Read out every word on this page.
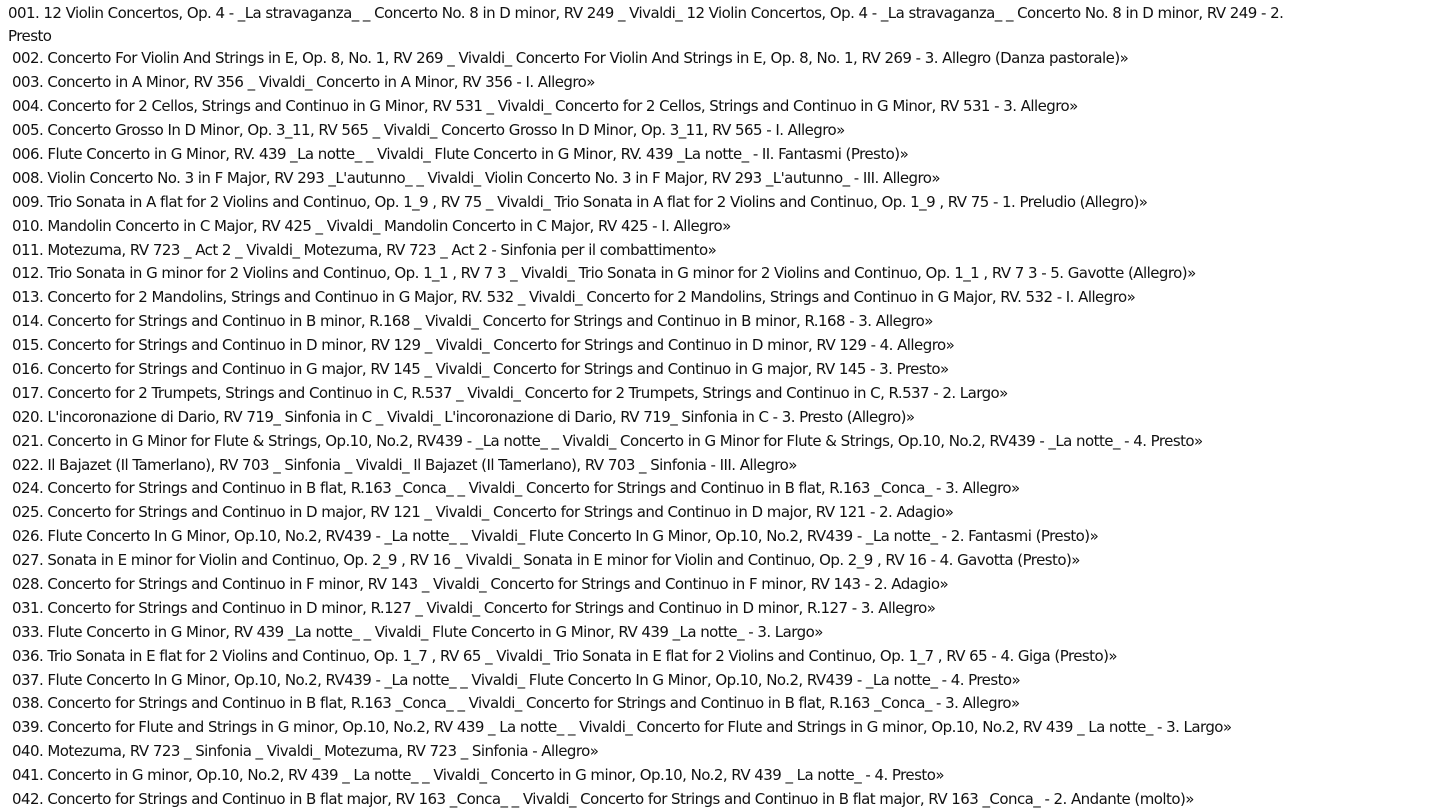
001. 12 Violin Concertos, Op. 4 - _La stravaganza_ _ Concerto No. 8 in D minor, RV 249 _ Vivaldi_ 12 Violin Concertos, Op. 4 - _La stravaganza_ _ Concerto No. 8 in D minor, RV 249 - 2.
Presto
002. Concerto For Violin And Strings in E, Op. 8, No. 1, RV 269 _ Vivaldi_ Concerto For Violin And Strings in E, Op. 8, No. 1, RV 269 - 3. Allegro (Danza pastorale)»
003. Concerto in A Minor, RV 356 _ Vivaldi_ Concerto in A Minor, RV 356 - I. Allegro»
004. Concerto for 2 Cellos, Strings and Continuo in G Minor, RV 531 _ Vivaldi_ Concerto for 2 Cellos, Strings and Continuo in G Minor, RV 531 - 3. Allegro»
005. Concerto Grosso In D Minor, Op. 3_11, RV 565 _ Vivaldi_ Concerto Grosso In D Minor, Op. 3_11, RV 565 - I. Allegro»
006. Flute Concerto in G Minor, RV. 439 _La notte_ _ Vivaldi_ Flute Concerto in G Minor, RV. 439 _La notte_ - II. Fantasmi (Presto)»
008. Violin Concerto No. 3 in F Major, RV 293 _L'autunno_ _ Vivaldi_ Violin Concerto No. 3 in F Major, RV 293 _L'autunno_ - III. Allegro»
009. Trio Sonata in A flat for 2 Violins and Continuo, Op. 1_9 , RV 75 _ Vivaldi_ Trio Sonata in A flat for 2 Violins and Continuo, Op. 1_9 , RV 75 - 1. Preludio (Allegro)»
010. Mandolin Concerto in C Major, RV 425 _ Vivaldi_ Mandolin Concerto in C Major, RV 425 - I. Allegro»
011. Motezuma, RV 723 _ Act 2 _ Vivaldi_ Motezuma, RV 723 _ Act 2 - Sinfonia per il combattimento»
012. Trio Sonata in G minor for 2 Violins and Continuo, Op. 1_1 , RV 7 3 _ Vivaldi_ Trio Sonata in G minor for 2 Violins and Continuo, Op. 1_1 , RV 7 3 - 5. Gavotte (Allegro)»
013. Concerto for 2 Mandolins, Strings and Continuo in G Major, RV. 532 _ Vivaldi_ Concerto for 2 Mandolins, Strings and Continuo in G Major, RV. 532 - I. Allegro»
014. Concerto for Strings and Continuo in B minor, R.168 _ Vivaldi_ Concerto for Strings and Continuo in B minor, R.168 - 3. Allegro»
015. Concerto for Strings and Continuo in D minor, RV 129 _ Vivaldi_ Concerto for Strings and Continuo in D minor, RV 129 - 4. Allegro»
016. Concerto for Strings and Continuo in G major, RV 145 _ Vivaldi_ Concerto for Strings and Continuo in G major, RV 145 - 3. Presto»
017. Concerto for 2 Trumpets, Strings and Continuo in C, R.537 _ Vivaldi_ Concerto for 2 Trumpets, Strings and Continuo in C, R.537 - 2. Largo»
020. L'incoronazione di Dario, RV 719_ Sinfonia in C _ Vivaldi_ L'incoronazione di Dario, RV 719_ Sinfonia in C - 3. Presto (Allegro)»
021. Concerto in G Minor for Flute & Strings, Op.10, No.2, RV439 - _La notte_ _ Vivaldi_ Concerto in G Minor for Flute & Strings, Op.10, No.2, RV439 - _La notte_ - 4. Presto»
022. Il Bajazet (Il Tamerlano), RV 703 _ Sinfonia _ Vivaldi_ Il Bajazet (Il Tamerlano), RV 703 _ Sinfonia - III. Allegro»
024. Concerto for Strings and Continuo in B flat, R.163 _Conca_ _ Vivaldi_ Concerto for Strings and Continuo in B flat, R.163 _Conca_ - 3. Allegro»
025. Concerto for Strings and Continuo in D major, RV 121 _ Vivaldi_ Concerto for Strings and Continuo in D major, RV 121 - 2. Adagio»
026. Flute Concerto In G Minor, Op.10, No.2, RV439 - _La notte_ _ Vivaldi_ Flute Concerto In G Minor, Op.10, No.2, RV439 - _La notte_ - 2. Fantasmi (Presto)»
027. Sonata in E minor for Violin and Continuo, Op. 2_9 , RV 16 _ Vivaldi_ Sonata in E minor for Violin and Continuo, Op. 2_9 , RV 16 - 4. Gavotta (Presto)»
028. Concerto for Strings and Continuo in F minor, RV 143 _ Vivaldi_ Concerto for Strings and Continuo in F minor, RV 143 - 2. Adagio»
031. Concerto for Strings and Continuo in D minor, R.127 _ Vivaldi_ Concerto for Strings and Continuo in D minor, R.127 - 3. Allegro»
033. Flute Concerto in G Minor, RV 439 _La notte_ _ Vivaldi_ Flute Concerto in G Minor, RV 439 _La notte_ - 3. Largo»
036. Trio Sonata in E flat for 2 Violins and Continuo, Op. 1_7 , RV 65 _ Vivaldi_ Trio Sonata in E flat for 2 Violins and Continuo, Op. 1_7 , RV 65 - 4. Giga (Presto)»
037. Flute Concerto In G Minor, Op.10, No.2, RV439 - _La notte_ _ Vivaldi_ Flute Concerto In G Minor, Op.10, No.2, RV439 - _La notte_ - 4. Presto»
038. Concerto for Strings and Continuo in B flat, R.163 _Conca_ _ Vivaldi_ Concerto for Strings and Continuo in B flat, R.163 _Conca_ - 3. Allegro»
039. Concerto for Flute and Strings in G minor, Op.10, No.2, RV 439 _ La notte_ _ Vivaldi_ Concerto for Flute and Strings in G minor, Op.10, No.2, RV 439 _ La notte_ - 3. Largo»
040. Motezuma, RV 723 _ Sinfonia _ Vivaldi_ Motezuma, RV 723 _ Sinfonia - Allegro»
041. Concerto in G minor, Op.10, No.2, RV 439 _ La notte_ _ Vivaldi_ Concerto in G minor, Op.10, No.2, RV 439 _ La notte_ - 4. Presto»
042. Concerto for Strings and Continuo in B flat major, RV 163 _Conca_ _ Vivaldi_ Concerto for Strings and Continuo in B flat major, RV 163 _Conca_ - 2. Andante (molto)»
